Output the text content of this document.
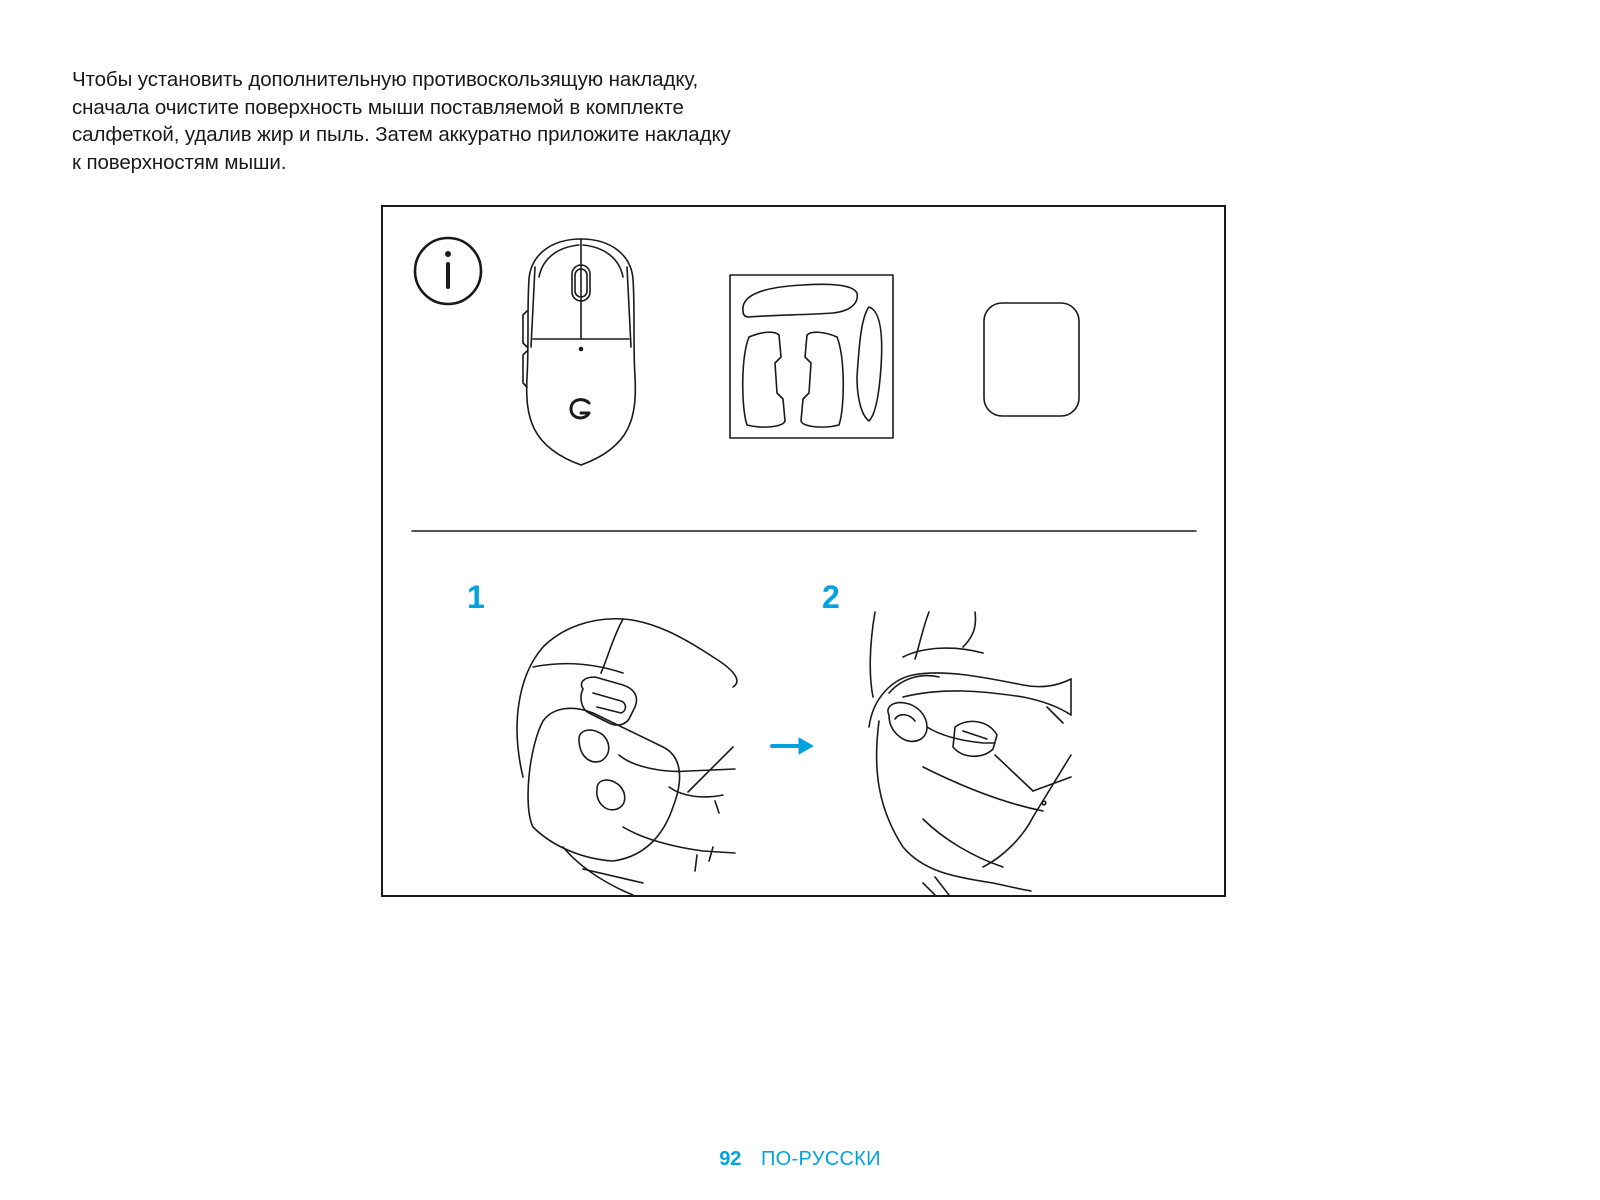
Чтобы установить дополнительную противоскользящую накладку,
сначала очистите поверхность мыши поставляемой в комплекте
салфеткой, удалив жир и пыль. Затем аккуратно приложите накладку
к поверхностям мыши.

1	2
92 ПО-РУССКИ
